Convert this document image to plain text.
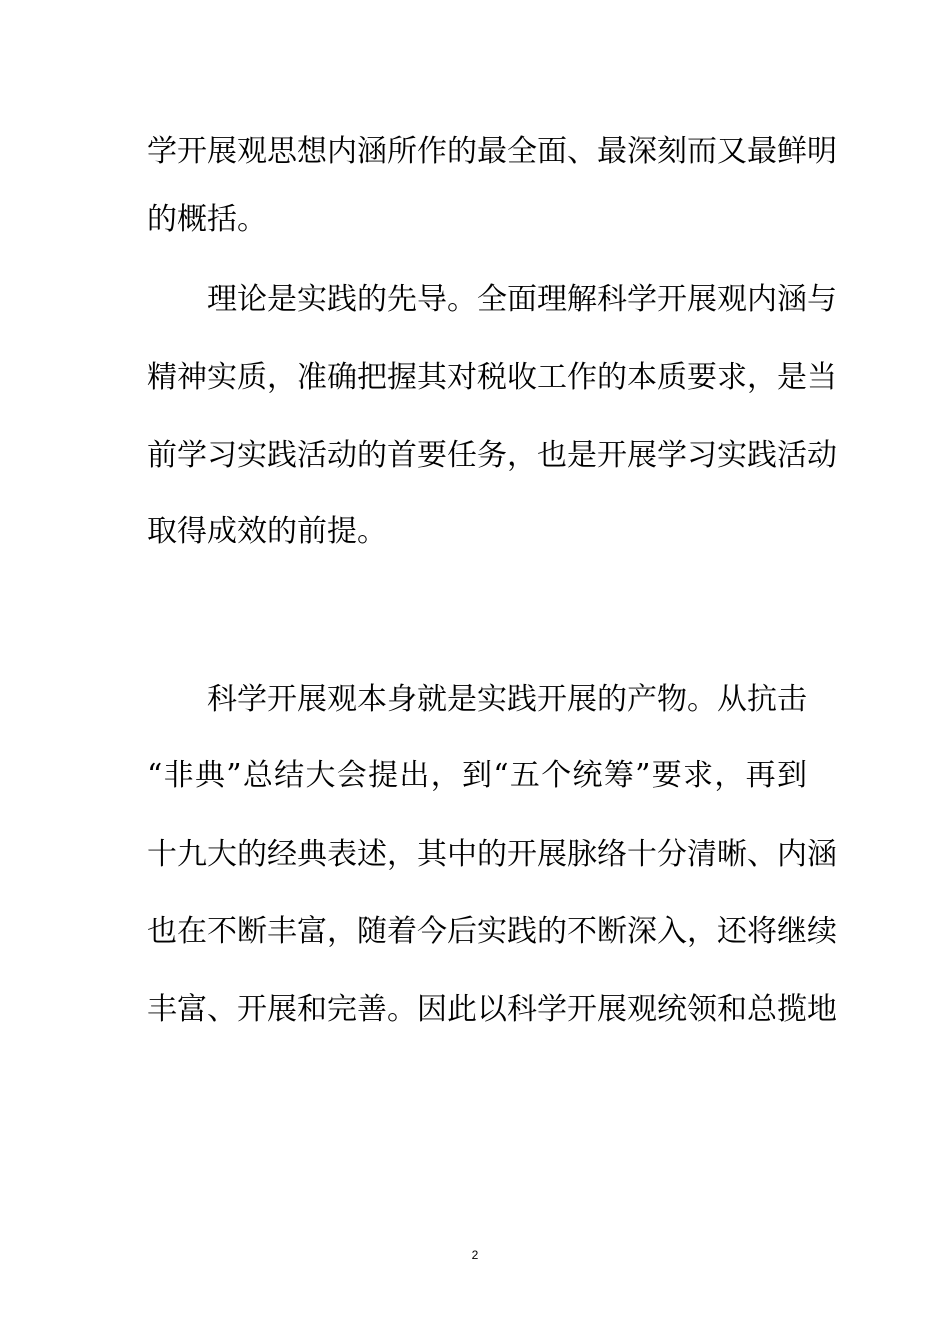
学开展观思想内涵所作的最全面、最深刻而又最鲜明
的概括。
理论是实践的先导。全面理解科学开展观内涵与
精神实质，准确把握其对税收工作的本质要求，是当
前学习实践活动的首要任务，也是开展学习实践活动
取得成效的前提。
科学开展观本身就是实践开展的产物。从抗击
“非典”总结大会提出，到“五个统筹”要求，再到
十九大的经典表述，其中的开展脉络十分清晰、内涵
也在不断丰富，随着今后实践的不断深入，还将继续
丰富、开展和完善。因此以科学开展观统领和总揽地
2
